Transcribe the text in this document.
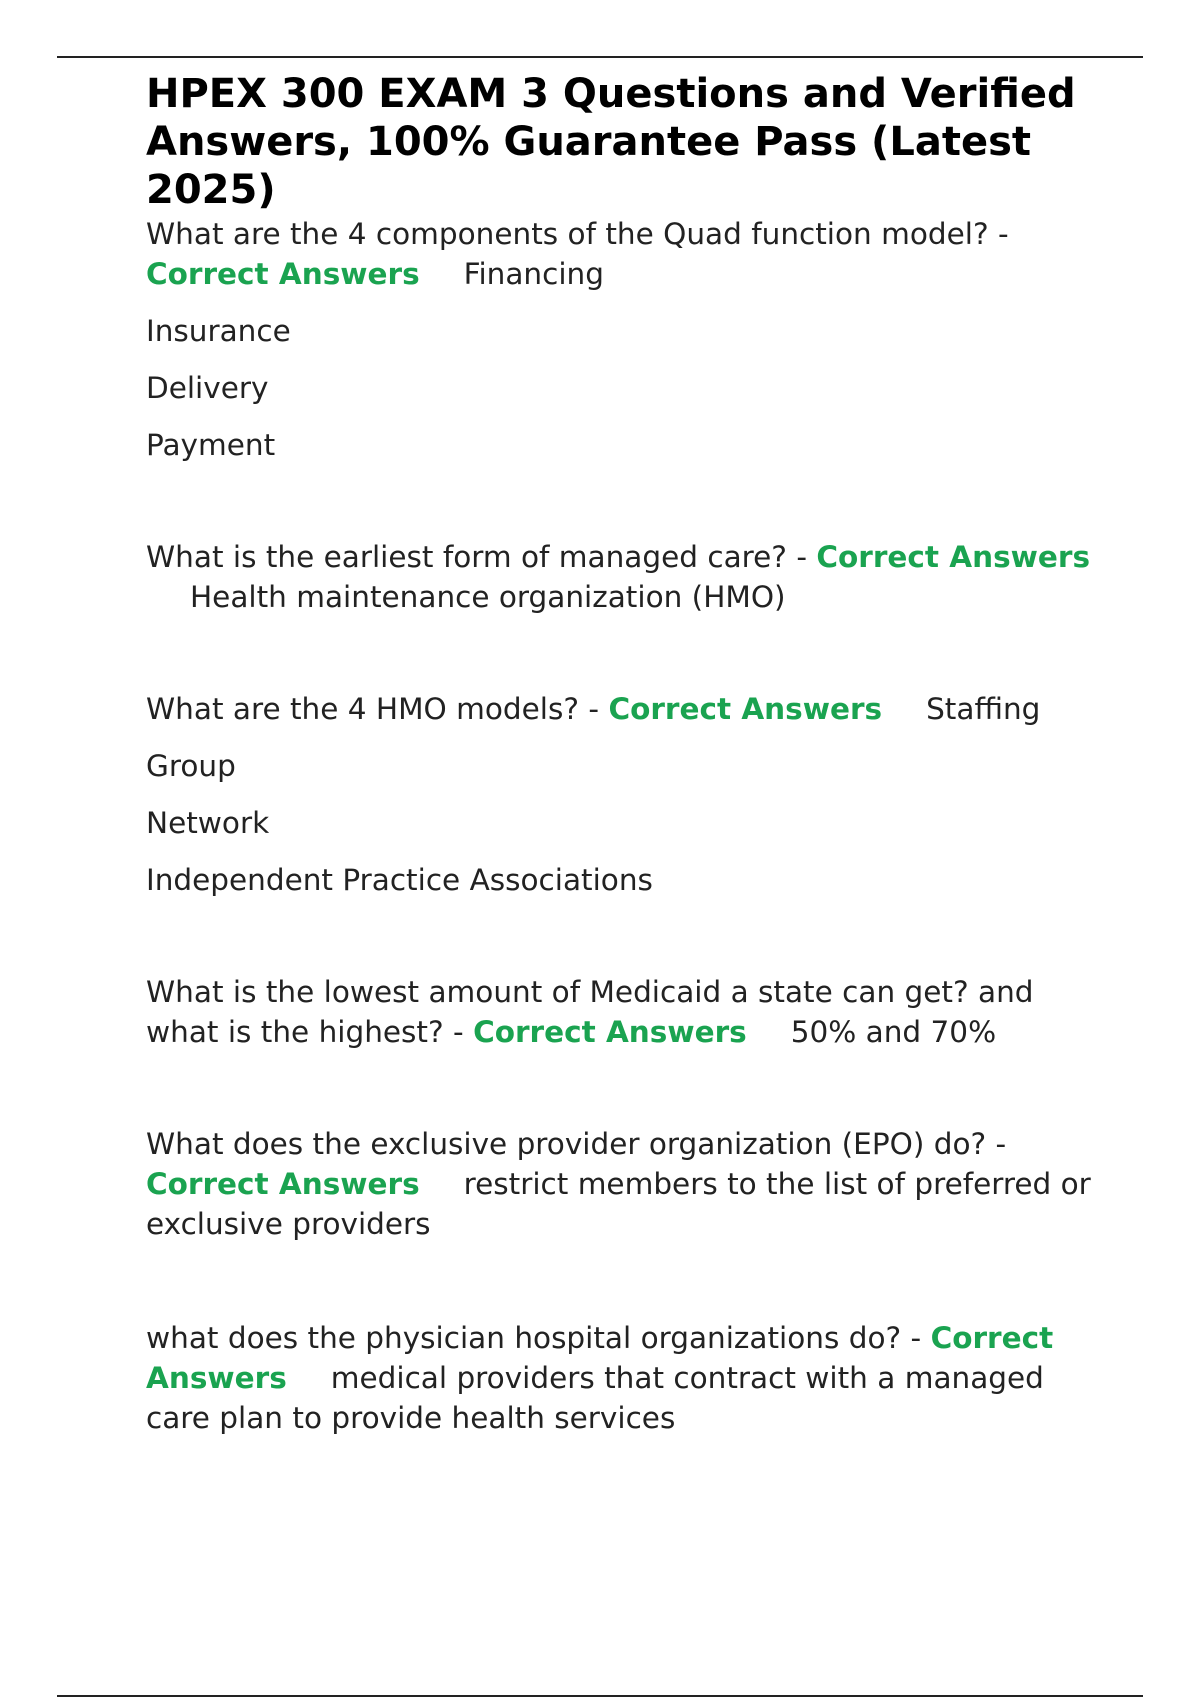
HPEX 300 EXAM 3 Questions and Verified Answers, 100% Guarantee Pass (Latest 2025)

What are the 4 components of the Quad function model? - Correct Answers Financing

Insurance

Delivery

Payment

What is the earliest form of managed care? - Correct AnswersHealth maintenance organization (HMO)

What are the 4 HMO models? - Correct Answers Staffing

Group

Network

Independent Practice Associations

What is the lowest amount of Medicaid a state can get? and what is the highest? - Correct Answers 50% and 70%

What does the exclusive provider organization (EPO) do? - Correct Answers restrict members to the list of preferred or exclusive providers

what does the physician hospital organizations do? - Correct Answers medical providers that contract with a managed care plan to provide health services
